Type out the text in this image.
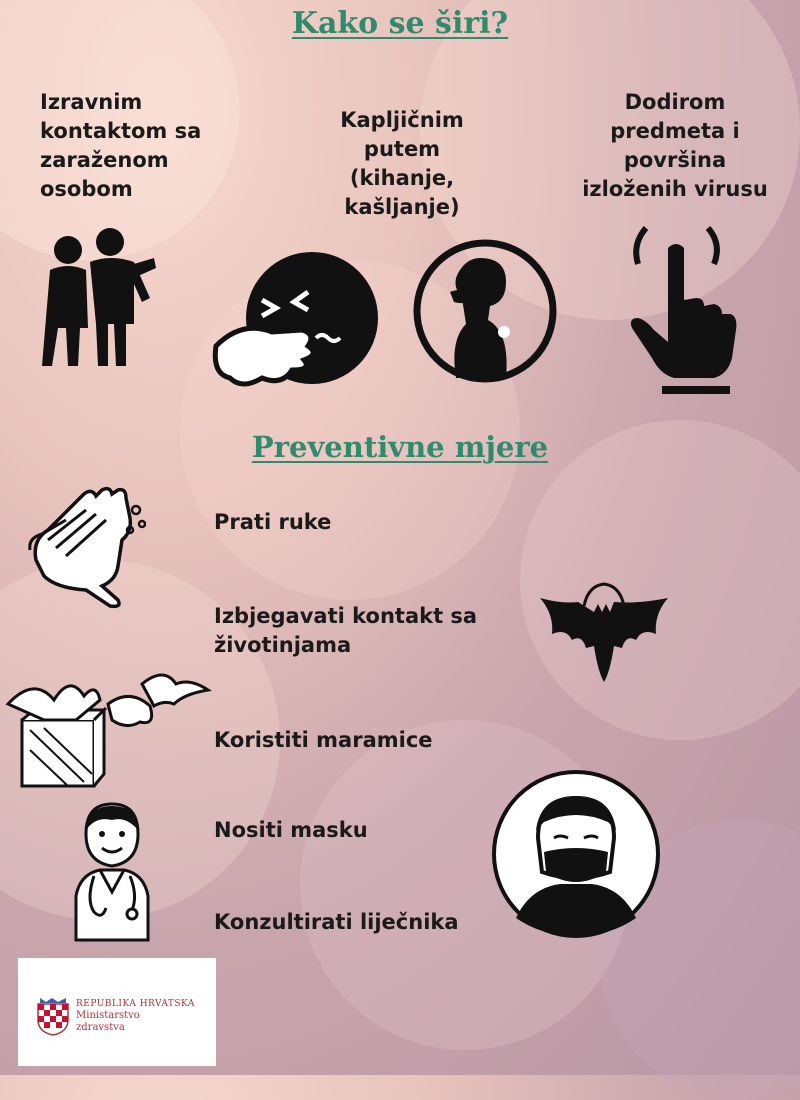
Kako se širi?
Izravnim
kontaktom sa
zaraženom
osobom
Kapljičnim
putem (kihanje,
kašljanje)
Dodirom
predmeta i
površina
izloženih virusu
Preventivne mjere
Prati ruke
Izbjegavati kontakt sa
životinjama
Koristiti maramice
Nositi masku
Konzultirati liječnika
REPUBLIKA HRVATSKA
Ministarstvo
zdravstva
